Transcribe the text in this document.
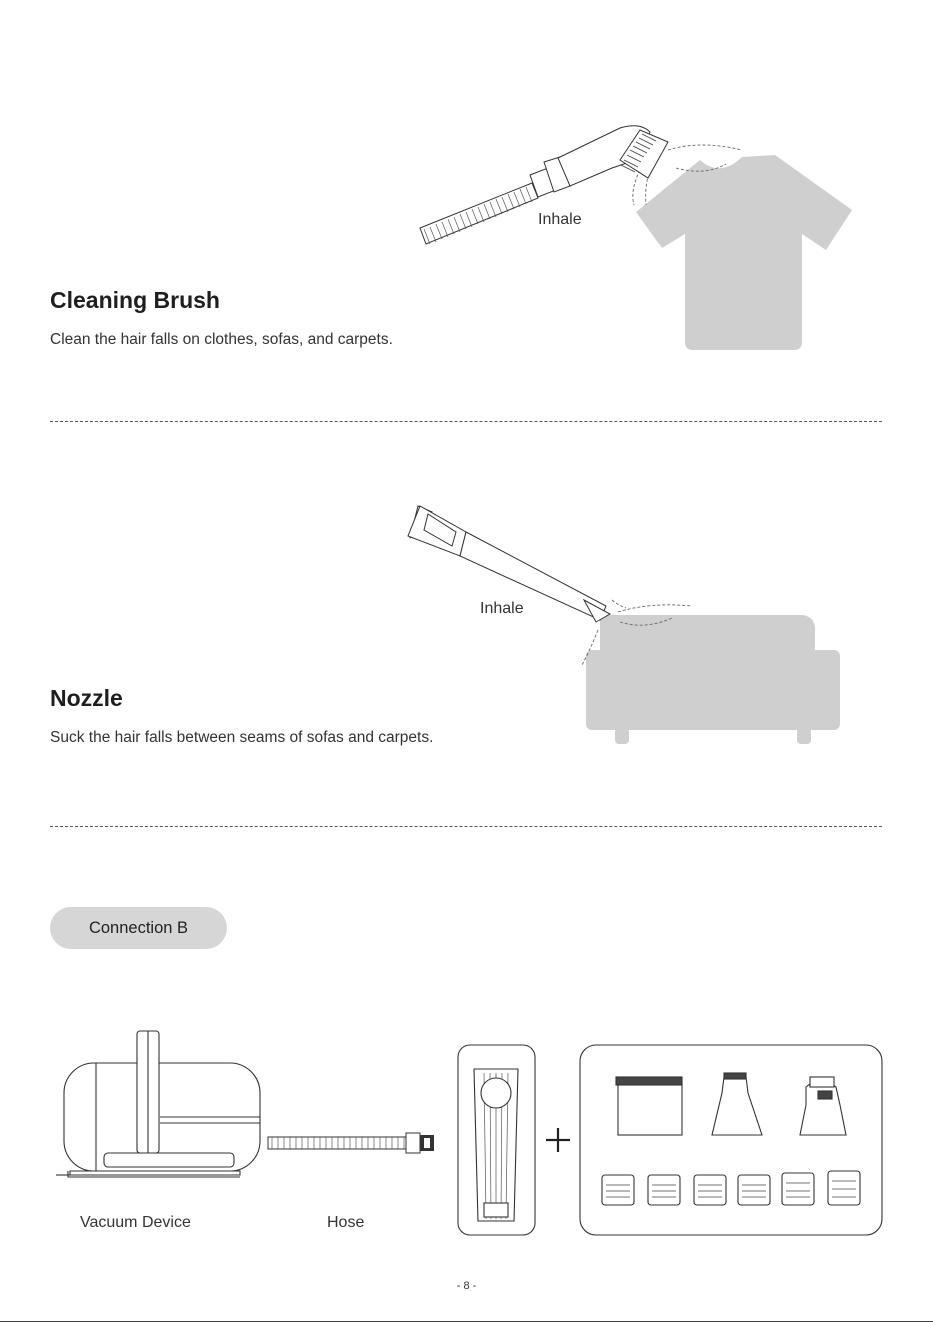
Inhale
Cleaning Brush
Clean the hair falls on clothes, sofas, and carpets.
Inhale
Nozzle
Suck the hair falls between seams of sofas and carpets.
Connection B
Vacuum Device	Hose
- 8 -
